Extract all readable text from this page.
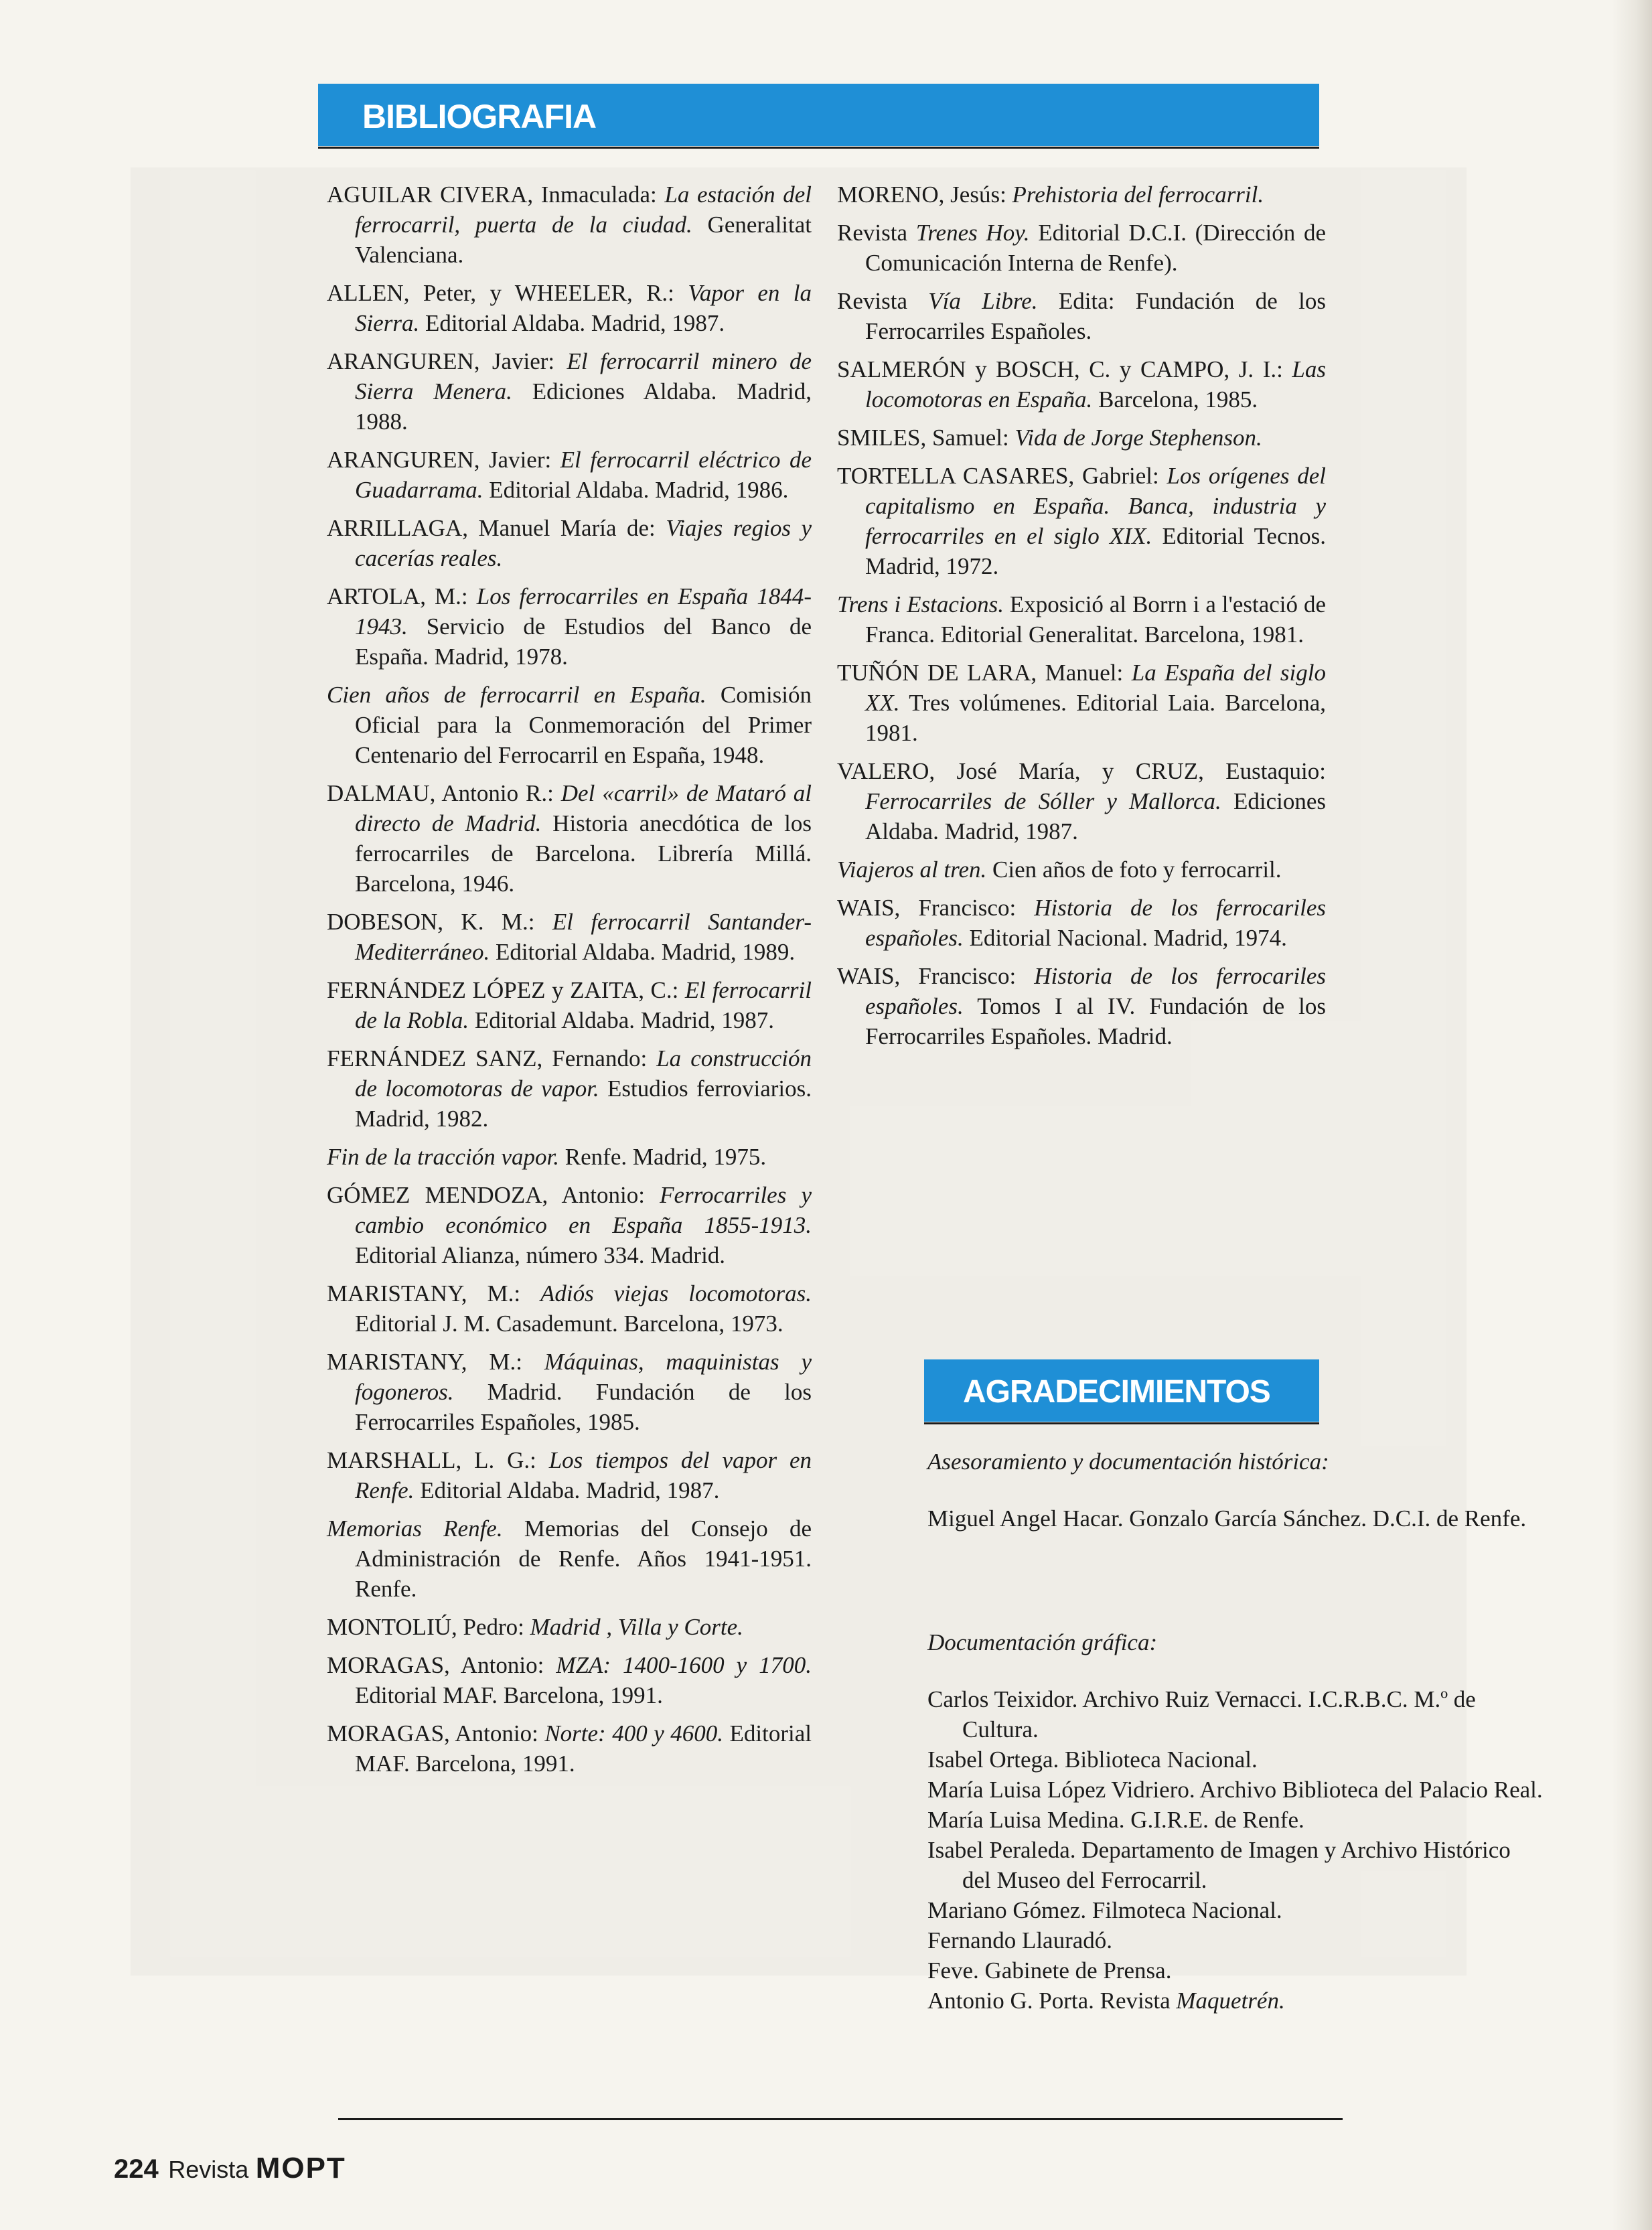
BIBLIOGRAFIA

AGUILAR CIVERA, Inmaculada: La estación del ferrocarril, puerta de la ciudad. Generalitat Valenciana.

ALLEN, Peter, y WHEELER, R.: Vapor en la Sierra. Editorial Aldaba. Madrid, 1987.

ARANGUREN, Javier: El ferrocarril minero de Sierra Menera. Ediciones Aldaba. Madrid, 1988.

ARANGUREN, Javier: El ferrocarril eléctrico de Guadarrama. Editorial Aldaba. Madrid, 1986.

ARRILLAGA, Manuel María de: Viajes regios y cacerías reales.

ARTOLA, M.: Los ferrocarriles en España 1844-1943. Servicio de Estudios del Banco de España. Madrid, 1978.

Cien años de ferrocarril en España. Comisión Oficial para la Conmemoración del Primer Centenario del Ferrocarril en España, 1948.

DALMAU, Antonio R.: Del «carril» de Mataró al directo de Madrid. Historia anecdótica de los ferrocarriles de Barcelona. Librería Millá. Barcelona, 1946.

DOBESON, K. M.: El ferrocarril Santander-Mediterráneo. Editorial Aldaba. Madrid, 1989.

FERNÁNDEZ LÓPEZ y ZAITA, C.: El ferrocarril de la Robla. Editorial Aldaba. Madrid, 1987.

FERNÁNDEZ SANZ, Fernando: La construcción de locomotoras de vapor. Estudios ferroviarios. Madrid, 1982.

Fin de la tracción vapor. Renfe. Madrid, 1975.

GÓMEZ MENDOZA, Antonio: Ferrocarriles y cambio económico en España 1855-1913. Editorial Alianza, número 334. Madrid.

MARISTANY, M.: Adiós viejas locomotoras. Editorial J. M. Casademunt. Barcelona, 1973.

MARISTANY, M.: Máquinas, maquinistas y fogoneros. Madrid. Fundación de los Ferrocarriles Españoles, 1985.

MARSHALL, L. G.: Los tiempos del vapor en Renfe. Editorial Aldaba. Madrid, 1987.

Memorias Renfe. Memorias del Consejo de Administración de Renfe. Años 1941-1951. Renfe.

MONTOLIÚ, Pedro: Madrid , Villa y Corte.

MORAGAS, Antonio: MZA: 1400-1600 y 1700. Editorial MAF. Barcelona, 1991.

MORAGAS, Antonio: Norte: 400 y 4600. Editorial MAF. Barcelona, 1991.

MORENO, Jesús: Prehistoria del ferrocarril.

Revista Trenes Hoy. Editorial D.C.I. (Dirección de Comunicación Interna de Renfe).

Revista Vía Libre. Edita: Fundación de los Ferrocarriles Españoles.

SALMERÓN y BOSCH, C. y CAMPO, J. I.: Las locomotoras en España. Barcelona, 1985.

SMILES, Samuel: Vida de Jorge Stephenson.

TORTELLA CASARES, Gabriel: Los orígenes del capitalismo en España. Banca, industria y ferrocarriles en el siglo XIX. Editorial Tecnos. Madrid, 1972.

Trens i Estacions. Exposició al Borrn i a l'estació de Franca. Editorial Generalitat. Barcelona, 1981.

TUÑÓN DE LARA, Manuel: La España del siglo XX. Tres volúmenes. Editorial Laia. Barcelona, 1981.

VALERO, José María, y CRUZ, Eustaquio: Ferrocarriles de Sóller y Mallorca. Ediciones Aldaba. Madrid, 1987.

Viajeros al tren. Cien años de foto y ferrocarril.

WAIS, Francisco: Historia de los ferrocariles españoles. Editorial Nacional. Madrid, 1974.

WAIS, Francisco: Historia de los ferrocariles españoles. Tomos I al IV. Fundación de los Ferrocarriles Españoles. Madrid.

AGRADECIMIENTOS
Asesoramiento y documentación histórica:
Miguel Angel Hacar. Gonzalo García Sánchez. D.C.I. de Renfe.
Documentación gráfica:

Carlos Teixidor. Archivo Ruiz Vernacci. I.C.R.B.C. M.º de Cultura.

Isabel Ortega. Biblioteca Nacional.

María Luisa López Vidriero. Archivo Biblioteca del Palacio Real.

María Luisa Medina. G.I.R.E. de Renfe.

Isabel Peraleda. Departamento de Imagen y Archivo Histórico del Museo del Ferrocarril.

Mariano Gómez. Filmoteca Nacional.

Fernando Llauradó.

Feve. Gabinete de Prensa.

Antonio G. Porta. Revista Maquetrén.

224 Revista MOPT
